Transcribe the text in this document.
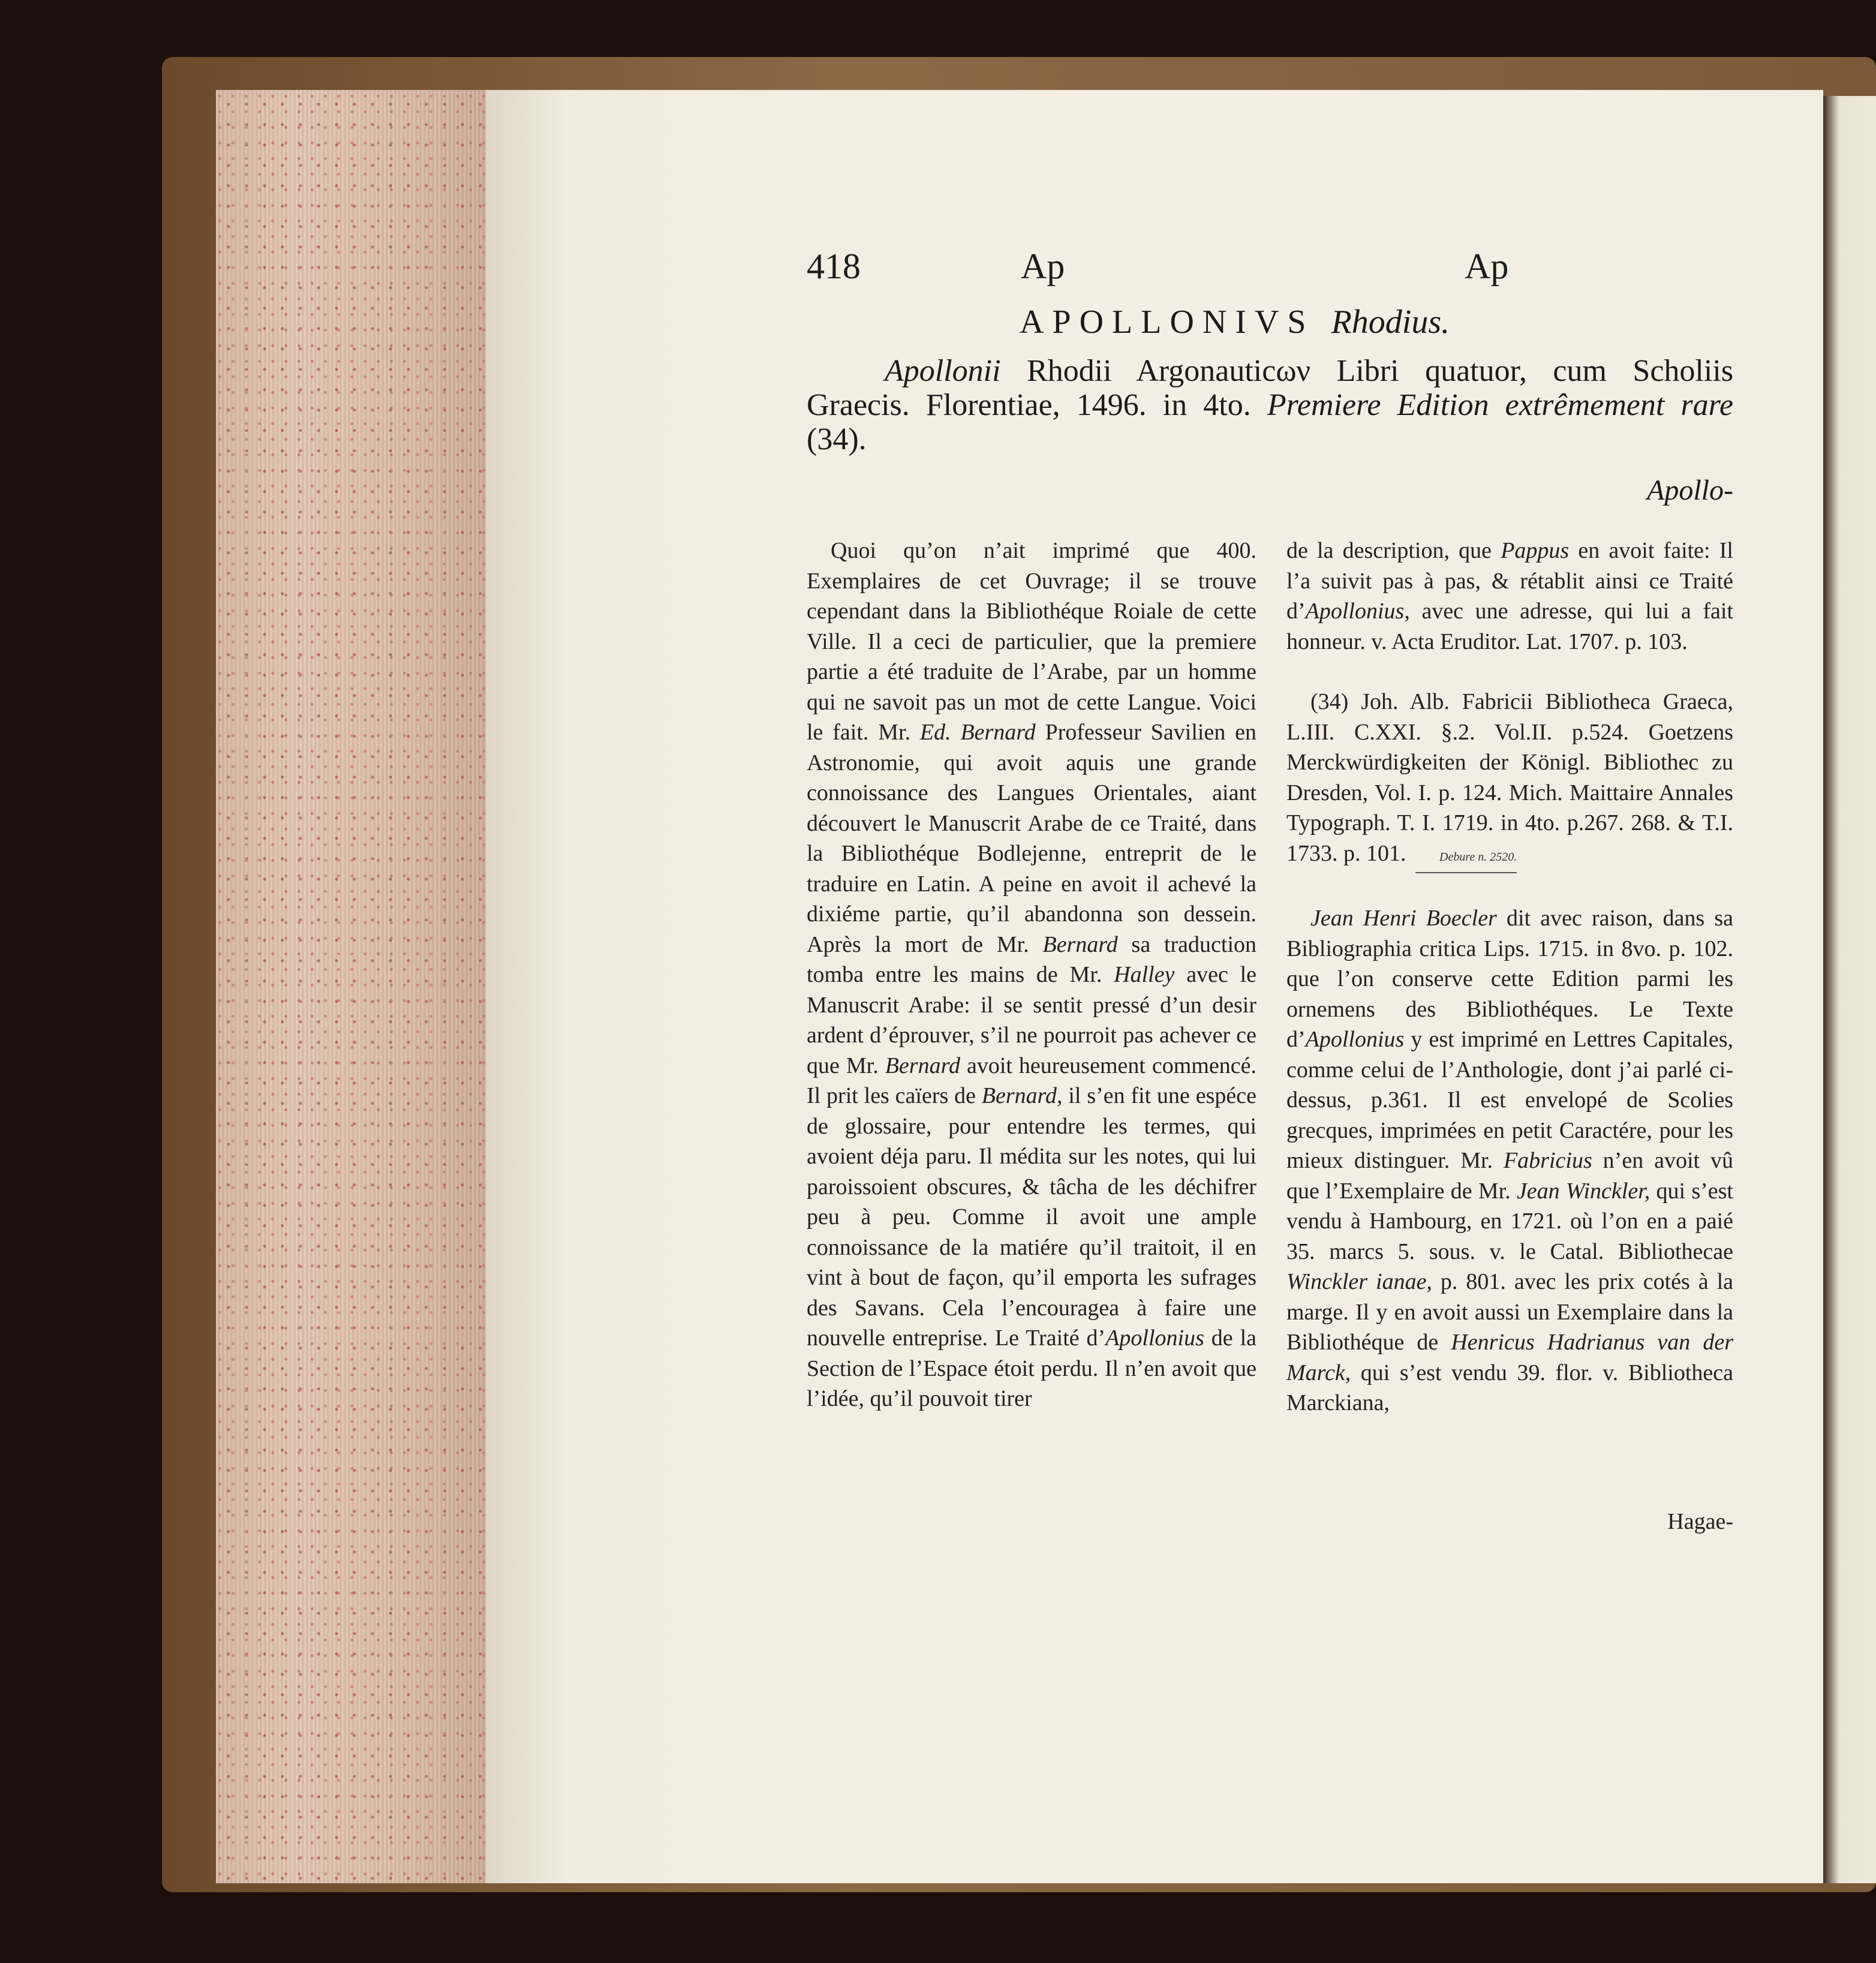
418	Ap	Ap
APOLLONIVS Rhodius.
Apollonii Rhodii Argonauticων Libri quatuor, cum Scholiis Graecis. Florentiae, 1496. in 4to. Premiere Edition extrêmement rare (34).
Apollo-

Quoi qu’on n’ait imprimé que 400. Exemplaires de cet Ouvrage; il se trouve cependant dans la Bibliothéque Roiale de cette Ville. Il a ceci de particulier, que la premiere partie a été traduite de l’Arabe, par un homme qui ne savoit pas un mot de cette Langue. Voici le fait. Mr. Ed. Bernard Professeur Savilien en Astronomie, qui avoit aquis une grande connoissance des Langues Orientales, aiant découvert le Manuscrit Arabe de ce Traité, dans la Bibliothéque Bodlejenne, entreprit de le traduire en Latin. A peine en avoit il achevé la dixiéme partie, qu’il abandonna son dessein. Après la mort de Mr. Bernard sa traduction tomba entre les mains de Mr. Halley avec le Manuscrit Arabe: il se sentit pressé d’un desir ardent d’éprouver, s’il ne pourroit pas achever ce que Mr. Bernard avoit heureusement commencé. Il prit les caïers de Bernard, il s’en fit une espéce de glossaire, pour entendre les termes, qui avoient déja paru. Il médita sur les notes, qui lui paroissoient obscures, & tâcha de les déchifrer peu à peu. Comme il avoit une ample connoissance de la matiére qu’il traitoit, il en vint à bout de façon, qu’il emporta les sufrages des Savans. Cela l’encouragea à faire une nouvelle entreprise. Le Traité d’Apollonius de la Section de l’Espace étoit perdu. Il n’en avoit que l’idée, qu’il pouvoit tirer

de la description, que Pappus en avoit faite: Il l’a suivit pas à pas, & rétablit ainsi ce Traité d’Apollonius, avec une adresse, qui lui a fait honneur. v. Acta Eruditor. Lat. 1707. p. 103.

(34) Joh. Alb. Fabricii Bibliotheca Graeca, L.III. C.XXI. §.2. Vol.II. p.524. Goetzens Merckwürdigkeiten der Königl. Bibliothec zu Dresden, Vol. I. p. 124. Mich. Maittaire Annales Typograph. T. I. 1719. in 4to. p.267. 268. & T.I. 1733. p. 101.	Debure n. 2520.

Jean Henri Boecler dit avec raison, dans sa Bibliographia critica Lips. 1715. in 8vo. p. 102. que l’on conserve cette Edition parmi les ornemens des Bibliothéques. Le Texte d’Apollonius y est imprimé en Lettres Capitales, comme celui de l’Anthologie, dont j’ai parlé ci-dessus, p.361. Il est envelopé de Scolies grecques, imprimées en petit Caractére, pour les mieux distinguer. Mr. Fabricius n’en avoit vû que l’Exemplaire de Mr. Jean Winckler, qui s’est vendu à Hambourg, en 1721. où l’on en a paié 35. marcs 5. sous. v. le Catal. Bibliothecae Winckler ianae, p. 801. avec les prix cotés à la marge. Il y en avoit aussi un Exemplaire dans la Bibliothéque de Henricus Hadrianus van der Marck, qui s’est vendu 39. flor. v. Bibliotheca Marckiana,

Hagae-
